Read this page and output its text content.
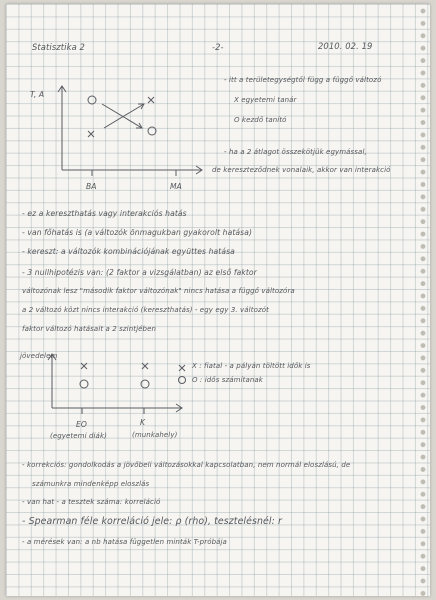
Statisztika 2	-2-	2010. 02. 19
T, A
BA	MA
- itt a területegységtől függ a függő változó
X egyetemi tanár
O kezdő tanító
- ha a 2 átlagot összekötjük egymással,
de kereszteződnek vonalaik, akkor van interakció
- ez a kereszthatás vagy interakciós hatás
- van főhatás is (a változók önmagukban gyakorolt hatása)
- kereszt: a változók kombinációjának együttes hatása
- 3 nullhipotézis van: (2 faktor a vizsgálatban) az első faktor
változónak lesz "második faktor változónak" nincs hatása a függő változóra
a 2 változó közt nincs interakció (kereszthatás) - egy egy 3. változót
faktor változó hatásait a 2 szintjében
jövedelem
EO	K
(egyetemi diák)	(munkahely)
X : fiatal - a pályán töltött idők is
O : idős számítanak
- korrekciós: gondolkodás a jövőbeli változásokkal kapcsolatban, nem normál eloszlású, de
számunkra mindenképp eloszlás
- van hat - a tesztek száma: korreláció
- Spearman féle korreláció jele: ρ (rho), tesztelésnél: r
- a mérések van: a nb hatása független minták T-próbája
